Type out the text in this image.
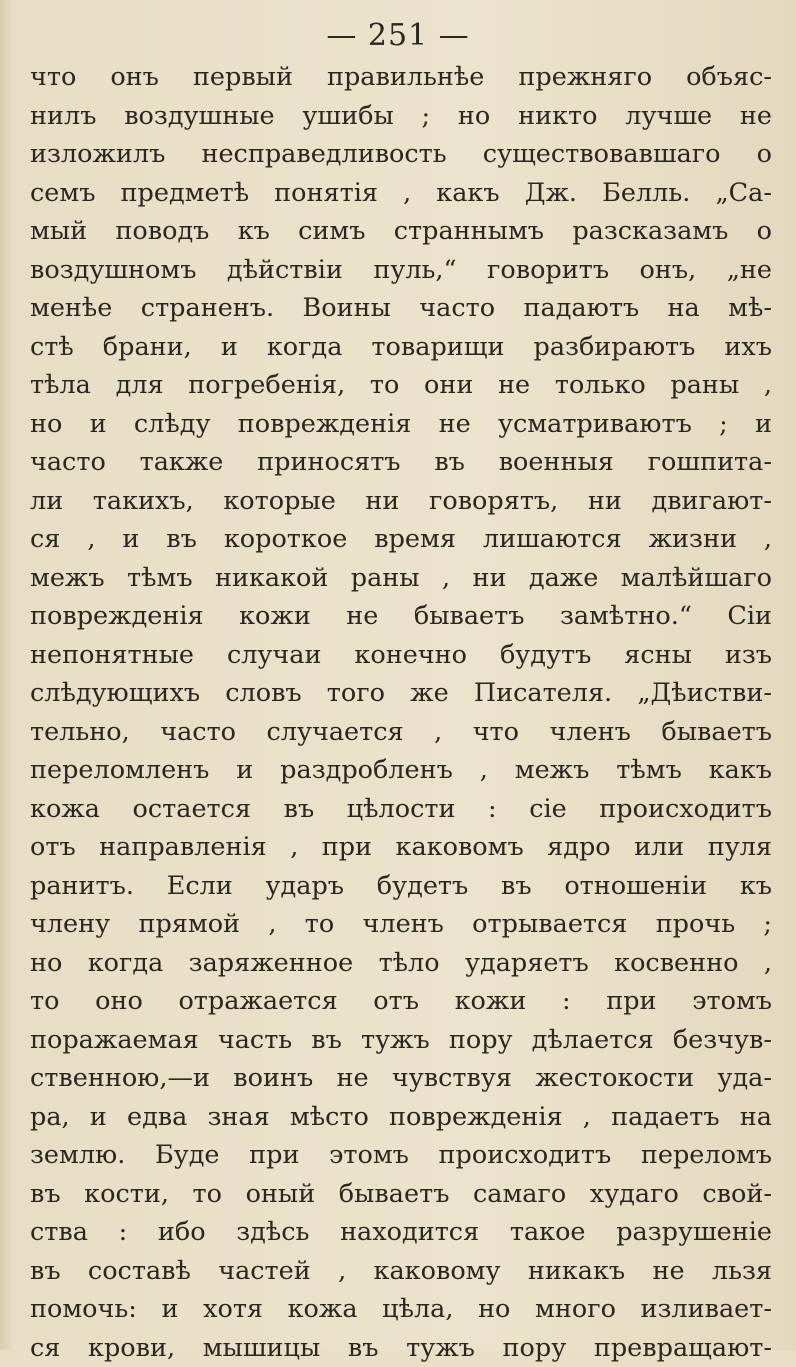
— 251 —
что онъ первый правильнѣе прежняго объяс-
нилъ воздушные ушибы ; но никто лучше не
изложилъ несправедливость существовавшаго о
семъ предметѣ понятія , какъ Дж. Белль. „Са-
мый поводъ къ симъ страннымъ разсказамъ о
воздушномъ дѣйствіи пуль,“ говоритъ онъ, „не
менѣе страненъ. Воины часто падаютъ на мѣ-
стѣ брани, и когда товарищи разбираютъ ихъ
тѣла для погребенія, то они не только раны ,
но и слѣду поврежденія не усматриваютъ ; и
часто также приносятъ въ военныя гошпита-
ли такихъ, которые ни говорятъ, ни двигают-
ся , и въ короткое время лишаются жизни ,
межъ тѣмъ никакой раны , ни даже малѣйшаго
поврежденія кожи не бываетъ замѣтно.“ Сіи
непонятные случаи конечно будутъ ясны изъ
слѣдующихъ словъ того же Писателя. „Дѣистви-
тельно, часто случается , что членъ бываетъ
переломленъ и раздробленъ , межъ тѣмъ какъ
кожа остается въ цѣлости : сіе происходитъ
отъ направленія , при каковомъ ядро или пуля
ранитъ. Если ударъ будетъ въ отношеніи къ
члену прямой , то членъ отрывается прочь ;
но когда заряженное тѣло ударяетъ косвенно ,
то оно отражается отъ кожи : при этомъ
поражаемая часть въ тужъ пору дѣлается безчув-
ственною,—и воинъ не чувствуя жестокости уда-
ра, и едва зная мѣсто поврежденія , падаетъ на
землю. Буде при этомъ происходитъ переломъ
въ кости, то оный бываетъ самаго худаго свой-
ства : ибо здѣсь находится такое разрушеніе
въ составѣ частей , каковому никакъ не льзя
помочь: и хотя кожа цѣла, но много изливает-
ся крови, мышицы въ тужъ пору превращают-
